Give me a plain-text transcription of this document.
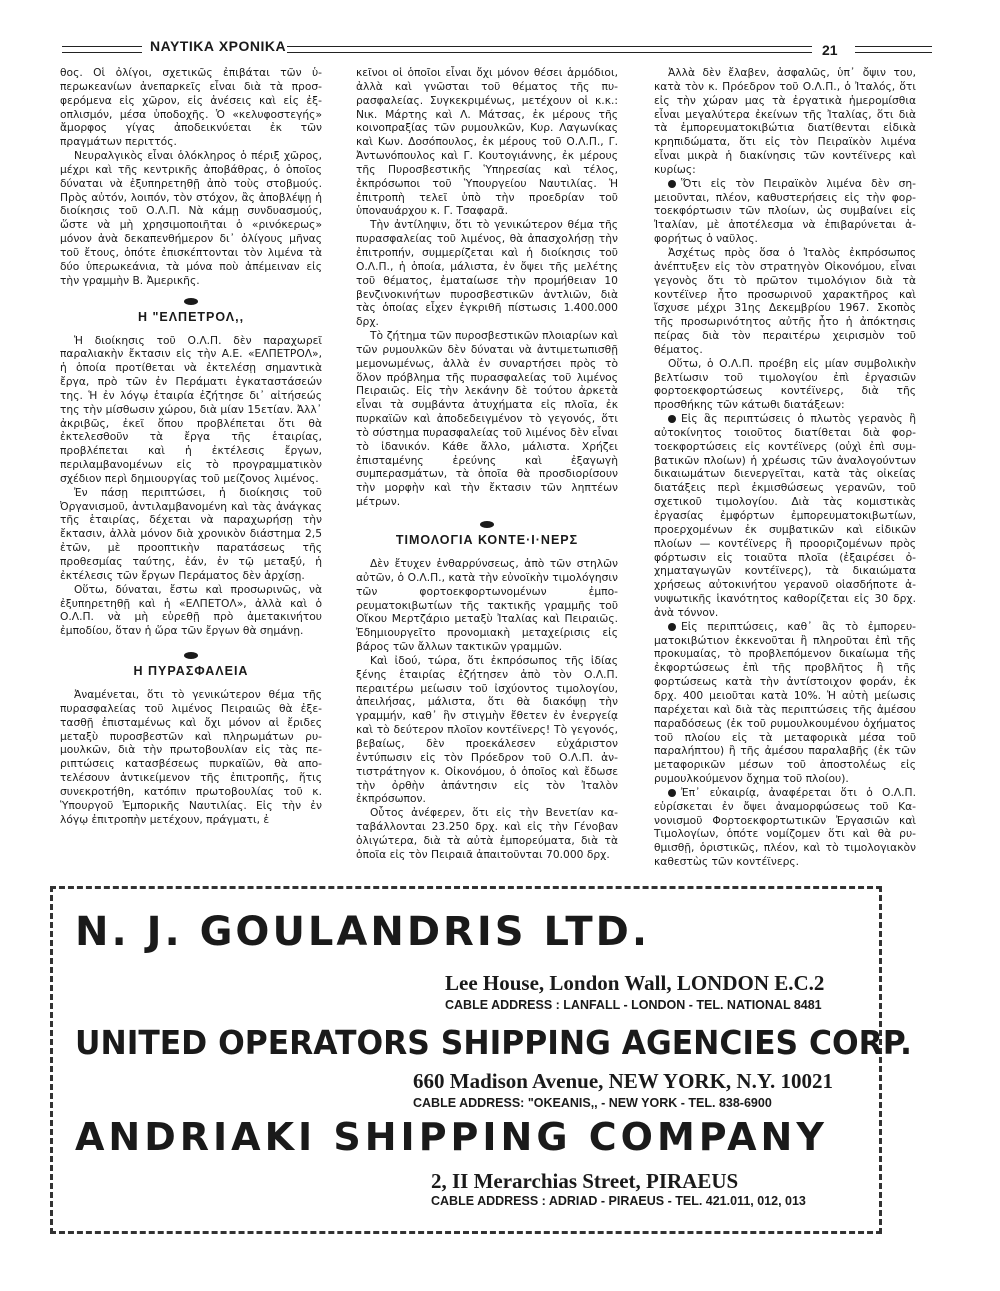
ΝΑΥΤΙΚΑ ΧΡΟΝΙΚΑ	21

θος. Οἱ ὀλίγοι, σχετικῶς ἐπιβάται τῶν ὑπερωκεανίων ἀνεπαρκεῖς εἶναι διὰ τὰ προσφερόμενα εἰς χῶρον, εἰς ἀνέσεις καὶ εἰς ἐξοπλισμόν, μέσα ὑποδοχῆς. Ὁ «κελυφοστεγής» ἄμορφος γίγας ἀποδεικνύεται ἐκ τῶν πραγμάτων περιττός.

Νευραλγικὸς εἶναι ὁλόκληρος ὁ πέριξ χῶρος, μέχρι καὶ τῆς κεντρικῆς ἀποβάθρας, ὁ ὁποῖος δύναται νὰ ἐξυπηρετηθῇ ἀπὸ τοὺς στοβμούς. Πρὸς αὐτόν, λοιπόν, τὸν στόχον, ἂς ἀποβλέψῃ ἡ διοίκησις τοῦ Ο.Λ.Π. Νὰ κάμῃ συνδυασμούς, ὥστε νὰ μὴ χρησιμοποιῆται ὁ «ρινόκερως» μόνον ἀνὰ δεκαπενθήμερον δι᾽ ὀλίγους μῆνας τοῦ ἔτους, ὁπότε ἐπισκέπτονται τὸν λιμένα τὰ δύο ὑπερωκεάνια, τὰ μόνα ποὺ ἀπέμειναν εἰς τὴν γραμμὴν Β. Ἀμερικῆς.

Η "ΕΛΠΕΤΡΟΛ,,

Ἡ διοίκησις τοῦ Ο.Λ.Π. δὲν παραχωρεῖ παραλιακὴν ἔκτασιν εἰς τὴν Α.Ε. «ΕΛΠΕΤΡΟΛ», ἡ ὁποία προτίθεται νὰ ἐκτελέσῃ σημαντικὰ ἔργα, πρὸ τῶν ἐν Περάματι ἐγκαταστάσεών της. Ἡ ἐν λόγῳ ἑταιρία ἐζήτησε δι᾽ αἰτήσεώς της τὴν μίσθωσιν χώρου, διὰ μίαν 15ετίαν. Ἀλλ᾽ ἀκριβῶς, ἐκεῖ ὅπου προβλέπεται ὅτι θὰ ἐκτελεσθοῦν τὰ ἔργα τῆς ἑταιρίας, προβλέπεται καὶ ἡ ἐκτέλεσις ἔργων, περιλαμβανομένων εἰς τὸ προγραμματικὸν σχέδιον περὶ δημιουργίας τοῦ μείζονος λιμένος.

Ἐν πάσῃ περιπτώσει, ἡ διοίκησις τοῦ Ὀργανισμοῦ, ἀντιλαμβανομένη καὶ τὰς ἀνάγκας τῆς ἑταιρίας, δέχεται νὰ παραχωρήσῃ τὴν ἔκτασιν, ἀλλὰ μόνον διὰ χρονικὸν διάστημα 2,5 ἐτῶν, μὲ προοπτικὴν παρατάσεως τῆς προθεσμίας ταύτης, ἐάν, ἐν τῷ μεταξύ, ἡ ἐκτέλεσις τῶν ἔργων Περάματος δὲν ἀρχίσῃ.

Οὕτω, δύναται, ἔστω καὶ προσωρινῶς, νὰ ἐξυπηρετηθῇ καὶ ἡ «ΕΛΠΕΤΟΛ», ἀλλὰ καὶ ὁ Ο.Λ.Π. νὰ μὴ εὑρεθῇ πρὸ ἀμετακινήτου ἐμποδίου, ὅταν ἡ ὥρα τῶν ἔργων θὰ σημάνῃ.

Η ΠΥΡΑΣΦΑΛΕΙΑ

Ἀναμένεται, ὅτι τὸ γενικώτερον θέμα τῆς πυρασφαλείας τοῦ λιμένος Πειραιῶς θὰ ἐξετασθῇ ἐπισταμένως καὶ ὄχι μόνον αἱ ἔριδες μεταξὺ πυροσβεστῶν καὶ πληρωμάτων ρυμουλκῶν, διὰ τὴν πρωτοβουλίαν εἰς τὰς περιπτώσεις κατασβέσεως πυρκαϊῶν, θὰ αποτελέσουν ἀντικείμενον τῆς ἐπιτροπῆς, ἥτις συνεκροτήθη, κατόπιν πρωτοβουλίας τοῦ κ. Ὑπουργοῦ Ἐμπορικῆς Ναυτιλίας. Εἰς τὴν ἐν λόγῳ ἐπιτροπὴν μετέχουν, πράγματι, ἐ

κεῖνοι οἱ ὁποῖοι εἶναι ὄχι μόνον θέσει ἁρμόδιοι, ἀλλὰ καὶ γνῶσται τοῦ θέματος τῆς πυρασφαλείας. Συγκεκριμένως, μετέχουν οἱ κ.κ.: Νικ. Μάρτης καὶ Λ. Μάτσας, ἐκ μέρους τῆς κοινοπραξίας τῶν ρυμουλκῶν, Κυρ. Λαγωνίκας καὶ Κων. Δοσόπουλος, ἐκ μέρους τοῦ Ο.Λ.Π., Γ. Ἀντωνόπουλος καὶ Γ. Κουτογιάννης, ἐκ μέρους τῆς Πυροσβεστικῆς Ὑπηρεσίας καὶ τέλος, ἐκπρόσωποι τοῦ Ὑπουργείου Ναυτιλίας. Ἡ ἐπιτροπὴ τελεῖ ὑπὸ τὴν προεδρίαν τοῦ ὑποναυάρχου κ. Γ. Τσαφαρᾶ.

Τὴν ἀντίληψιν, ὅτι τὸ γενικώτερον θέμα τῆς πυρασφαλείας τοῦ λιμένος, θὰ ἀπασχολήσῃ τὴν ἐπιτροπήν, συμμερίζεται καὶ ἡ διοίκησις τοῦ Ο.Λ.Π., ἡ ὁποία, μάλιστα, ἐν ὄψει τῆς μελέτης τοῦ θέματος, ἐματαίωσε τὴν προμήθειαν 10 βενζινοκινήτων πυροσβεστικῶν ἀντλιῶν, διὰ τὰς ὁποίας εἶχεν ἐγκριθῆ πίστωσις 1.400.000 δρχ.

Τὸ ζήτημα τῶν πυροσβεστικῶν πλοιαρίων καὶ τῶν ρυμουλκῶν δὲν δύναται νὰ ἀντιμετωπισθῇ μεμονωμένως, ἀλλὰ ἐν συναρτήσει πρὸς τὸ ὅλον πρόβλημα τῆς πυρασφαλείας τοῦ λιμένος Πειραιῶς. Εἰς τὴν λεκάνην δὲ τούτου ἀρκετὰ εἶναι τὰ συμβάντα ἀτυχήματα εἰς πλοῖα, ἐκ πυρκαϊῶν καὶ ἀποδεδειγμένον τὸ γεγονός, ὅτι τὸ σύστημα πυρασφαλείας τοῦ λιμένος δὲν εἶναι τὸ ἰδανικόν. Κάθε ἄλλο, μάλιστα. Χρήζει ἐπισταμένης ἐρεύνης καὶ ἐξαγωγὴ συμπερασμάτων, τὰ ὁποῖα θὰ προσδιορίσουν τὴν μορφὴν καὶ τὴν ἔκτασιν τῶν ληπτέων μέτρων.

ΤΙΜΟΛΟΓΙΑ ΚΟΝΤΕ·Ι·ΝΕΡΣ

Δὲν ἔτυχεν ἐνθαρρύνσεως, ἀπὸ τῶν στηλῶν αὐτῶν, ὁ Ο.Λ.Π., κατὰ τὴν εὐνοϊκὴν τιμολόγησιν τῶν φορτοεκφορτωνομένων ἐμπορευματοκιβωτίων τῆς τακτικῆς γραμμῆς τοῦ Οἴκου Μερτζάριο μεταξὺ Ἰταλίας καὶ Πειραιῶς. Ἐδημιουργεῖτο προνομιακὴ μεταχείρισις εἰς βάρος τῶν ἄλλων τακτικῶν γραμμῶν.

Καὶ ἰδού, τώρα, ὅτι ἐκπρόσωπος τῆς ἰδίας ξένης ἑταιρίας ἐζήτησεν ἀπὸ τὸν Ο.Λ.Π. περαιτέρω μείωσιν τοῦ ἰσχύοντος τιμολογίου, ἀπειλήσας, μάλιστα, ὅτι θὰ διακόψῃ τὴν γραμμήν, καθ᾽ ἣν στιγμὴν ἔθετεν ἐν ἐνεργείᾳ καὶ τὸ δεύτερον πλοῖον κοντέϊνερς! Τὸ γεγονός, βεβαίως, δὲν προεκάλεσεν εὐχάριστον ἐντύπωσιν εἰς τὸν Πρόεδρον τοῦ Ο.Λ.Π. ἀντιστράτηγον κ. Οἰκονόμου, ὁ ὁποῖος καὶ ἔδωσε τὴν ὀρθὴν ἀπάντησιν εἰς τὸν Ἰταλὸν ἐκπρόσωπον.

Οὗτος ἀνέφερεν, ὅτι εἰς τὴν Βενετίαν καταβάλλονται 23.250 δρχ. καὶ εἰς τὴν Γένοβαν ὀλιγώτερα, διὰ τὰ αὐτὰ ἐμπορεύματα, διὰ τὰ ὁποῖα εἰς τὸν Πειραιᾶ ἀπαιτοῦνται 70.000 δρχ.

Ἀλλὰ δὲν ἔλαβεν, ἀσφαλῶς, ὑπ᾽ ὄψιν του, κατὰ τὸν κ. Πρόεδρον τοῦ Ο.Λ.Π., ὁ Ἰταλός, ὅτι εἰς τὴν χώραν μας τὰ ἐργατικὰ ἡμερομίσθια εἶναι μεγαλύτερα ἐκείνων τῆς Ἰταλίας, ὅτι διὰ τὰ ἐμπορευματοκιβώτια διατίθενται εἰδικὰ κρηπιδώματα, ὅτι εἰς τὸν Πειραϊκὸν λιμένα εἶναι μικρὰ ἡ διακίνησις τῶν κοντέϊνερς καὶ κυρίως:

Ὅτι εἰς τὸν Πειραϊκὸν λιμένα δὲν σημειοῦνται, πλέον, καθυστερήσεις εἰς τὴν φορτοεκφόρτωσιν τῶν πλοίων, ὡς συμβαίνει εἰς Ἰταλίαν, μὲ ἀποτέλεσμα νὰ ἐπιβαρύνεται ἀφορήτως ὁ ναῦλος.

Ἀσχέτως πρὸς ὅσα ὁ Ἰταλὸς ἐκπρόσωπος ἀνέπτυξεν εἰς τὸν στρατηγὸν Οἰκονόμου, εἶναι γεγονὸς ὅτι τὸ πρῶτον τιμολόγιον διὰ τὰ κοντέϊνερ ἦτο προσωρινοῦ χαρακτῆρος καὶ ἴσχυσε μέχρι 31ης Δεκεμβρίου 1967. Σκοπὸς τῆς προσωρινότητος αὐτῆς ἦτο ἡ ἀπόκτησις πείρας διὰ τὸν περαιτέρω χειρισμὸν τοῦ θέματος.

Οὕτω, ὁ Ο.Λ.Π. προέβη εἰς μίαν συμβολικὴν βελτίωσιν τοῦ τιμολογίου ἐπὶ ἐργασιῶν φορτοεκφορτώσεως κοντέϊνερς, διὰ τῆς προσθήκης τῶν κάτωθι διατάξεων:

Εἰς ἃς περιπτώσεις ὁ πλωτὸς γερανὸς ἢ αὐτοκίνητος τοιοῦτος διατίθεται διὰ φορτοεκφορτώσεις εἰς κοντέϊνερς (οὐχὶ ἐπὶ συμβατικῶν πλοίων) ἡ χρέωσις τῶν ἀναλογούντων δικαιωμάτων διενεργεῖται, κατὰ τὰς οἰκείας διατάξεις περὶ ἐκμισθώσεως γερανῶν, τοῦ σχετικοῦ τιμολογίου. Διὰ τὰς κομιστικὰς ἐργασίας ἐμφόρτων ἐμπορευματοκιβωτίων, προερχομένων ἐκ συμβατικῶν καὶ εἰδικῶν πλοίων — κοντέϊνερς ἢ προοριζομένων πρὸς φόρτωσιν εἰς τοιαῦτα πλοῖα (ἐξαιρέσει ὀχηματαγωγῶν κοντέϊνερς), τὰ δικαιώματα χρήσεως αὐτοκινήτου γερανοῦ οἱασδήποτε ἀνυψωτικῆς ἱκανότητος καθορίζεται εἰς 30 δρχ. ἀνὰ τόννον.

Εἰς περιπτώσεις, καθ᾽ ἃς τὸ ἐμπορευματοκιβώτιον ἐκκενοῦται ἢ πληροῦται ἐπὶ τῆς προκυμαίας, τὸ προβλεπόμενον δικαίωμα τῆς ἐκφορτώσεως ἐπὶ τῆς προβλῆτος ἢ τῆς φορτώσεως κατὰ τὴν ἀντίστοιχον φοράν, ἐκ δρχ. 400 μειοῦται κατὰ 10%. Ἡ αὐτὴ μείωσις παρέχεται καὶ διὰ τὰς περιπτώσεις τῆς ἀμέσου παραδόσεως (ἐκ τοῦ ρυμουλκουμένου ὀχήματος τοῦ πλοίου εἰς τὰ μεταφορικὰ μέσα τοῦ παραλήπτου) ἢ τῆς ἀμέσου παραλαβῆς (ἐκ τῶν μεταφορικῶν μέσων τοῦ ἀποστολέως εἰς ρυμουλκούμενον ὄχημα τοῦ πλοίου).

Ἐπ᾽ εὐκαιρίᾳ, ἀναφέρεται ὅτι ὁ Ο.Λ.Π. εὑρίσκεται ἐν ὄψει ἀναμορφώσεως τοῦ Κανονισμοῦ Φορτοεκφορτωτικῶν Ἐργασιῶν καὶ Τιμολογίων, ὁπότε νομίζομεν ὅτι καὶ θὰ ρυθμισθῇ, ὁριστικῶς, πλέον, καὶ τὸ τιμολογιακὸν καθεστὼς τῶν κοντέϊνερς.

N. J. GOULANDRIS LTD.
Lee House, London Wall, LONDON E.C.2
CABLE ADDRESS : LANFALL - LONDON - TEL. NATIONAL 8481
UNITED OPERATORS SHIPPING AGENCIES CORP.
660 Madison Avenue, NEW YORK, N.Y. 10021
CABLE ADDRESS: "OKEANIS,, - NEW YORK - TEL. 838-6900
ANDRIAKI SHIPPING COMPANY
2, II Merarchias Street, PIRAEUS
CABLE ADDRESS : ADRIAD - PIRAEUS - TEL. 421.011, 012, 013
